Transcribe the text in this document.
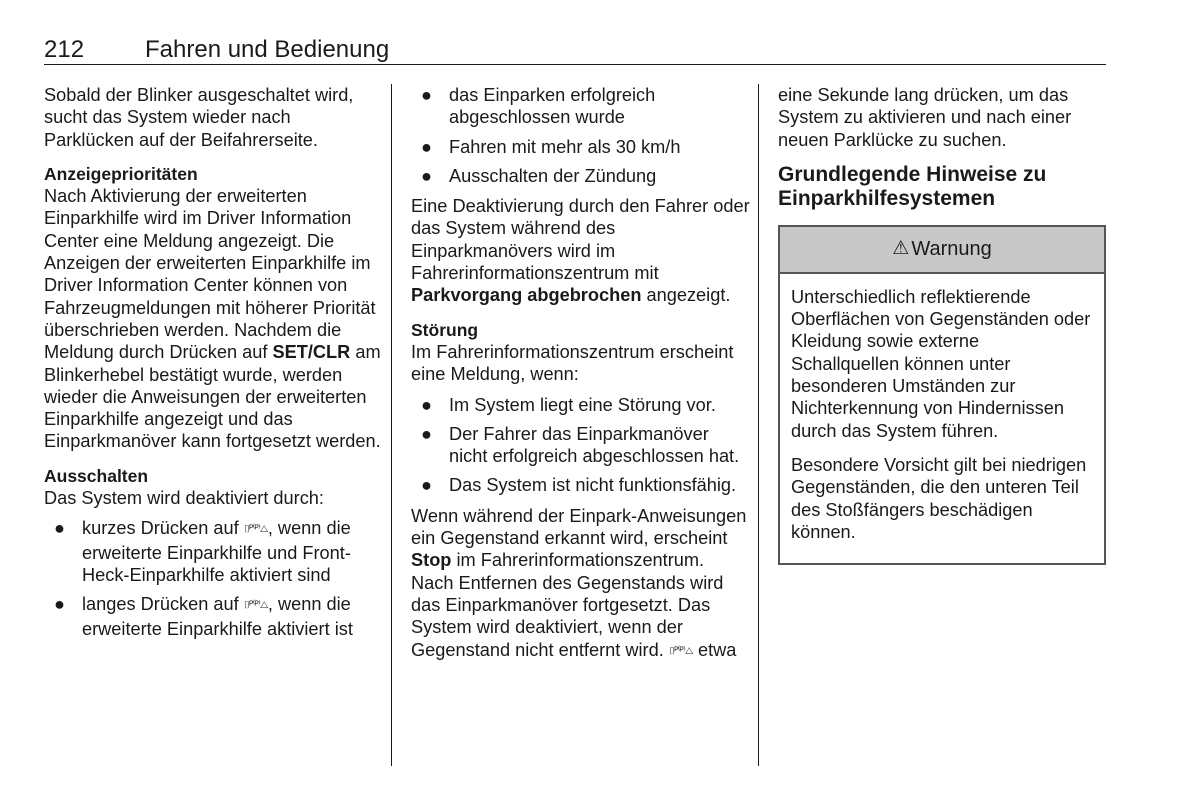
212	Fahren und Bedienung

Sobald der Blinker ausgeschaltet wird, sucht das System wieder nach Parklücken auf der Beifahrerseite.

Anzeigeprioritäten

Nach Aktivierung der erweiterten Einparkhilfe wird im Driver Information Center eine Meldung angezeigt. Die Anzeigen der erweiterten Einparkhilfe im Driver Information Center können von Fahrzeugmeldungen mit höherer Priorität überschrieben werden. Nachdem die Meldung durch Drücken auf SET/CLR am Blinkerhebel bestätigt wurde, werden wieder die Anweisungen der erweiterten Einparkhilfe angezeigt und das Einparkmanöver kann fortgesetzt werden.

Ausschalten

Das System wird deaktiviert durch:

● kurzes Drücken auf ⌷ᴾ⁽ᴾ⁾△, wenn die erweiterte Einparkhilfe und Front-Heck-Einparkhilfe aktiviert sind
● langes Drücken auf ⌷ᴾ⁽ᴾ⁾△, wenn die erweiterte Einparkhilfe aktiviert ist
● das Einparken erfolgreich abgeschlossen wurde
● Fahren mit mehr als 30 km/h
● Ausschalten der Zündung

Eine Deaktivierung durch den Fahrer oder das System während des Einparkmanövers wird im Fahrerinformationszentrum mit Parkvorgang abgebrochen angezeigt.

Störung

Im Fahrerinformationszentrum erscheint eine Meldung, wenn:

● Im System liegt eine Störung vor.
● Der Fahrer das Einparkmanöver nicht erfolgreich abgeschlossen hat.
● Das System ist nicht funktionsfähig.

Wenn während der Einpark-Anweisungen ein Gegenstand erkannt wird, erscheint Stop im Fahrerinformationszentrum. Nach Entfernen des Gegenstands wird das Einparkmanöver fortgesetzt. Das System wird deaktiviert, wenn der Gegenstand nicht entfernt wird. ⌷ᴾ⁽ᴾ⁾△ etwa

eine Sekunde lang drücken, um das System zu aktivieren und nach einer neuen Parklücke zu suchen.

Grundlegende Hinweise zu Einparkhilfesystemen
⚠ Warnung

Unterschiedlich reflektierende Oberflächen von Gegenständen oder Kleidung sowie externe Schallquellen können unter besonderen Umständen zur Nichterkennung von Hindernissen durch das System führen.

Besondere Vorsicht gilt bei niedrigen Gegenständen, die den unteren Teil des Stoßfängers beschädigen können.
